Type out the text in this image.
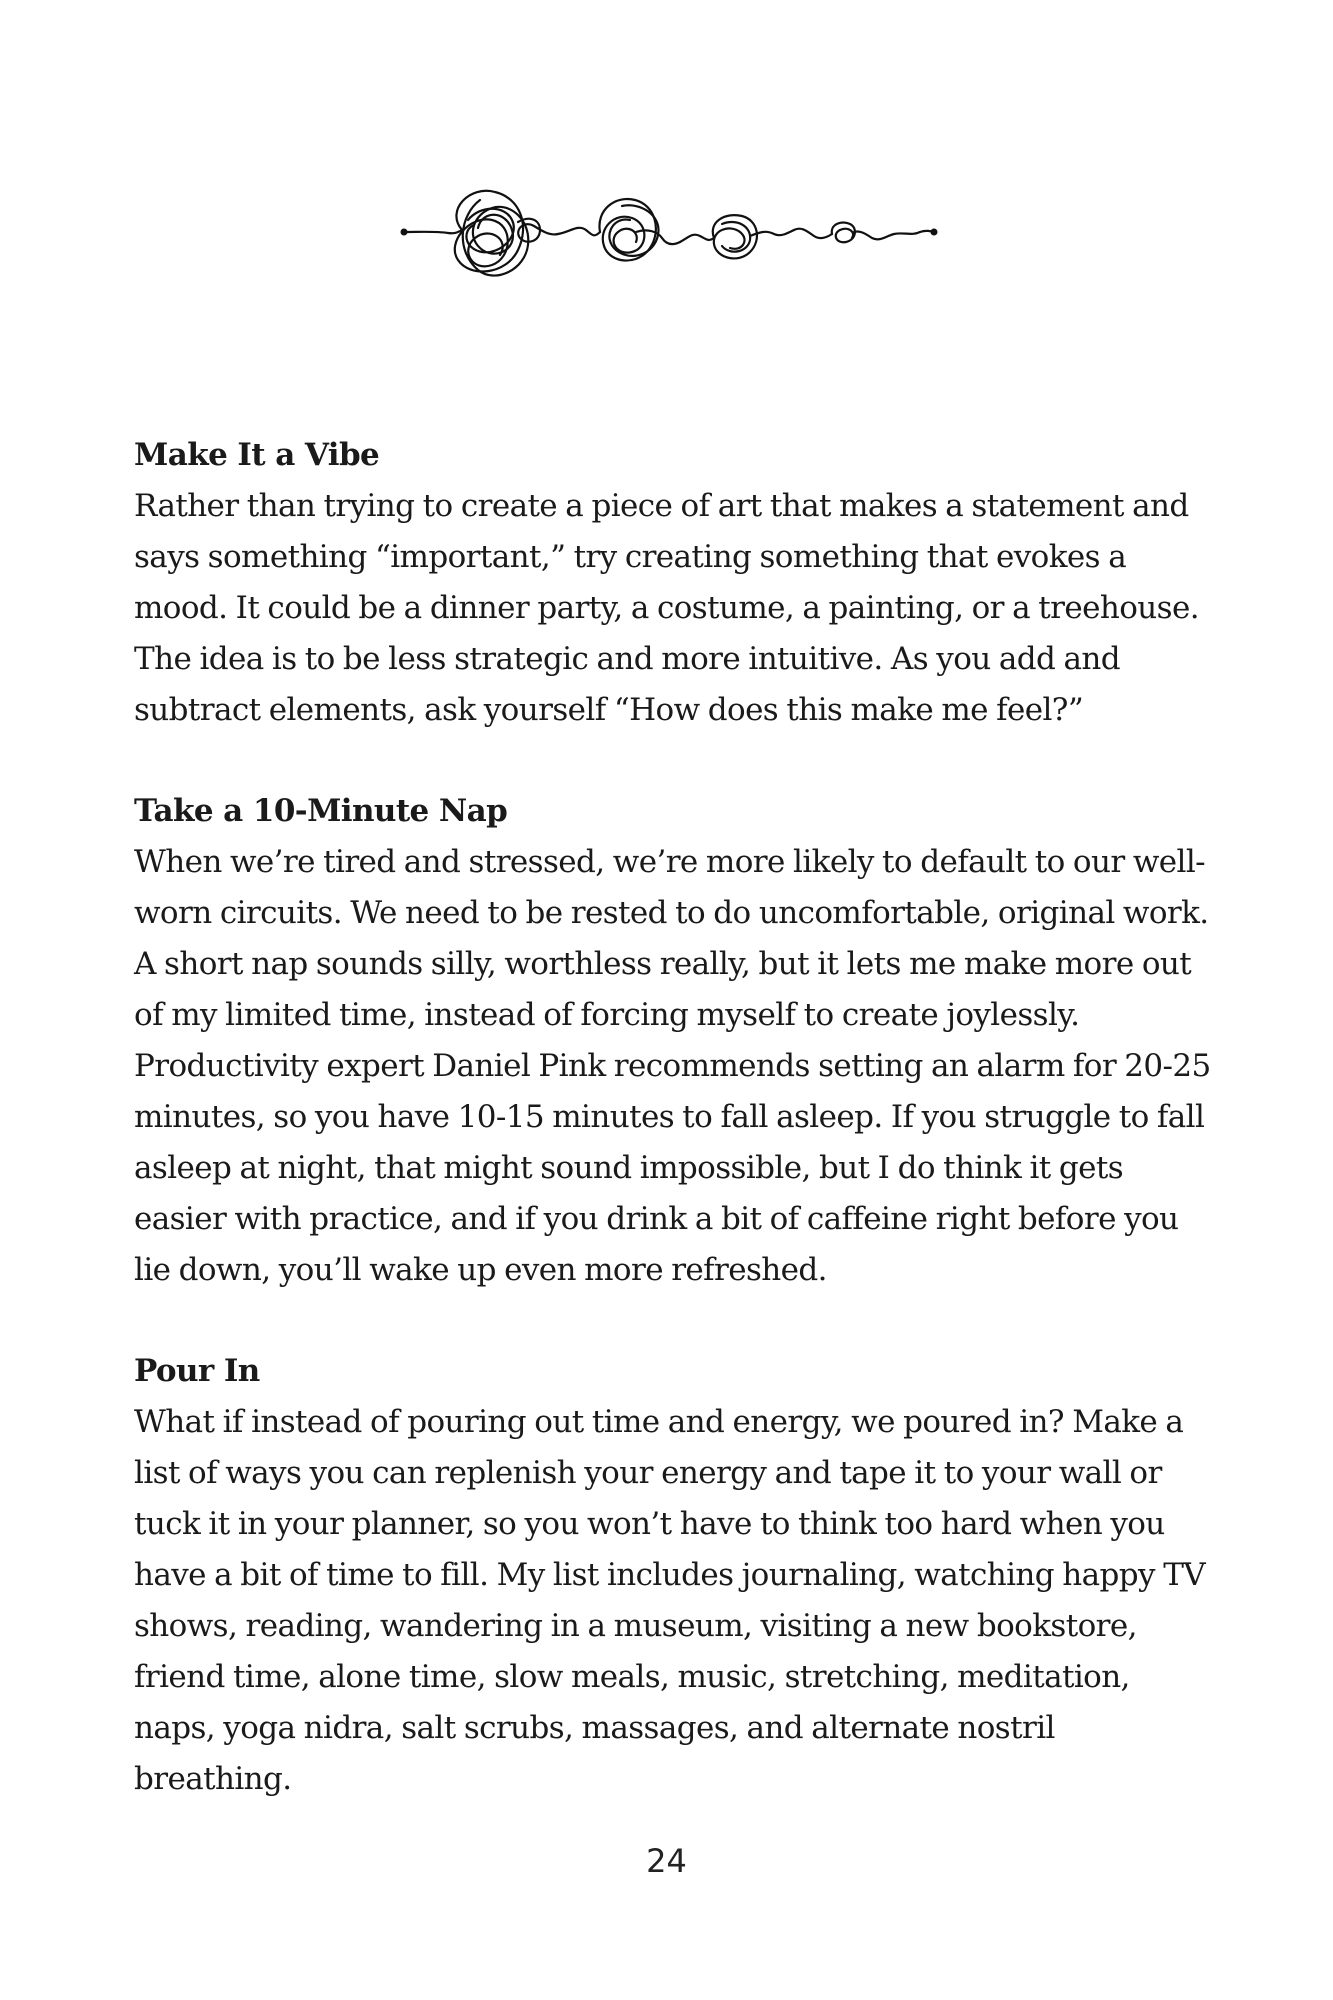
Make It a Vibe

Rather than trying to create a piece of art that makes a statement and says something “important,” try creating something that evokes a mood. It could be a dinner party, a costume, a painting, or a treehouse. The idea is to be less strategic and more intuitive. As you add and subtract elements, ask yourself “How does this make me feel?”

Take a 10-Minute Nap

When we’re tired and stressed, we’re more likely to default to our well-worn circuits. We need to be rested to do uncomfortable, original work. A short nap sounds silly, worthless really, but it lets me make more out of my limited time, instead of forcing myself to create joylessly. Productivity expert Daniel Pink recommends setting an alarm for 20-25 minutes, so you have 10-15 minutes to fall asleep. If you struggle to fall asleep at night, that might sound impossible, but I do think it gets easier with practice, and if you drink a bit of caffeine right before you lie down, you’ll wake up even more refreshed.

Pour In

What if instead of pouring out time and energy, we poured in? Make a list of ways you can replenish your energy and tape it to your wall or tuck it in your planner, so you won’t have to think too hard when you have a bit of time to fill. My list includes journaling, watching happy TV shows, reading, wandering in a museum, visiting a new bookstore, friend time, alone time, slow meals, music, stretching, meditation, naps, yoga nidra, salt scrubs, massages, and alternate nostril breathing.

24
